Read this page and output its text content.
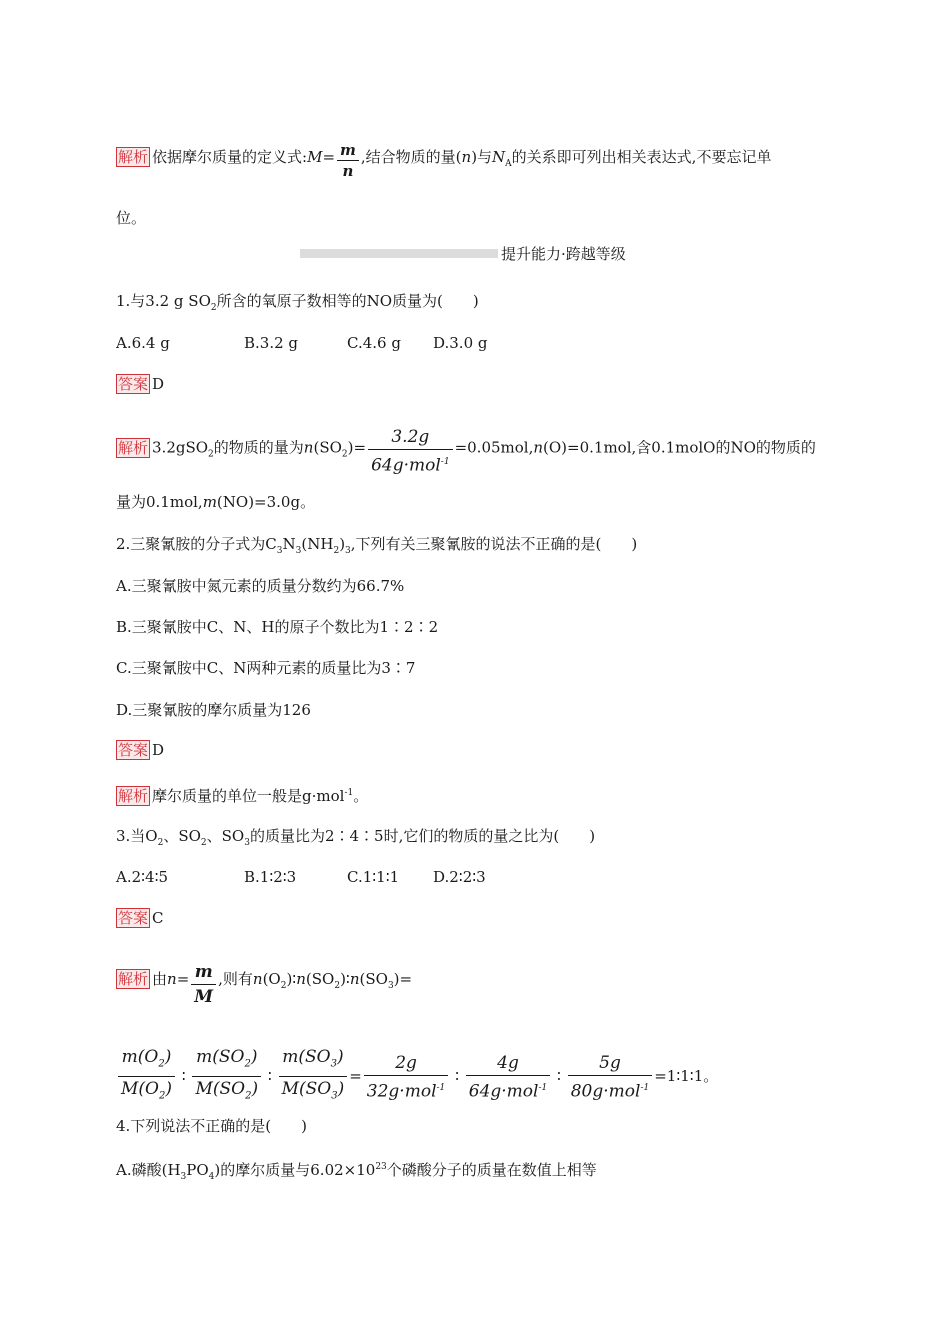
解析 依据摩尔质量的定义式:M= $\frac{m}{n}$ ,结合物质的量(n)与$N_A$的关系即可列出相关表达式,不要忘记单
位。
提升能力·跨越等级
1.与3.2 g $SO_2$所含的氧原子数相等的NO质量为(　　)
A.6.4 g	B.3.2 g	C.4.6 g D.3.0 g
答案 D
解析 3.2gSO$_2$的物质的量为$n(SO_2)= \frac{3.2g}{64g\cdot mol^{-1}} =0.05mol,n(O)=0.1mol$,含0.1molO的NO的物质的
量为0.1mol,m(NO)=3.0g。
2.三聚氰胺的分子式为$C_3N_3(NH_2)_3$,下列有关三聚氰胺的说法不正确的是(　　)
A.三聚氰胺中氮元素的质量分数约为66.7%
B.三聚氰胺中C、N、H的原子个数比为1∶2∶2
C.三聚氰胺中C、N两种元素的质量比为3∶7
D.三聚氰胺的摩尔质量为126
答案 D
解析 摩尔质量的单位一般是g·mol$^{-1}$。
3.当$O_2$、$SO_2$、$SO_3$的质量比为2∶4∶5时,它们的物质的量之比为(　　)
A.2∶4∶5	B.1∶2∶3	C.1∶1∶1 D.2∶2∶3
答案 C
解析 由$n= \frac{m}{M}$ ,则有$n(O_2)∶n(SO_2)∶n(SO_3)=$
$\frac{m(O_2)}{M(O_2)}$ ∶ $\frac{m(SO_2)}{M(SO_2)}$ ∶ $\frac{m(SO_3)}{M(SO_3)} = \frac{2g}{32g\cdot mol^{-1}}$ ∶ $\frac{4g}{64g\cdot mol^{-1}}$ ∶ $\frac{5g}{80g\cdot mol^{-1}}$ =1∶1∶1。
4.下列说法不正确的是(　　)
A.磷酸$(H_3PO_4)$的摩尔质量与$6.02\times 10^{23}$个磷酸分子的质量在数值上相等
